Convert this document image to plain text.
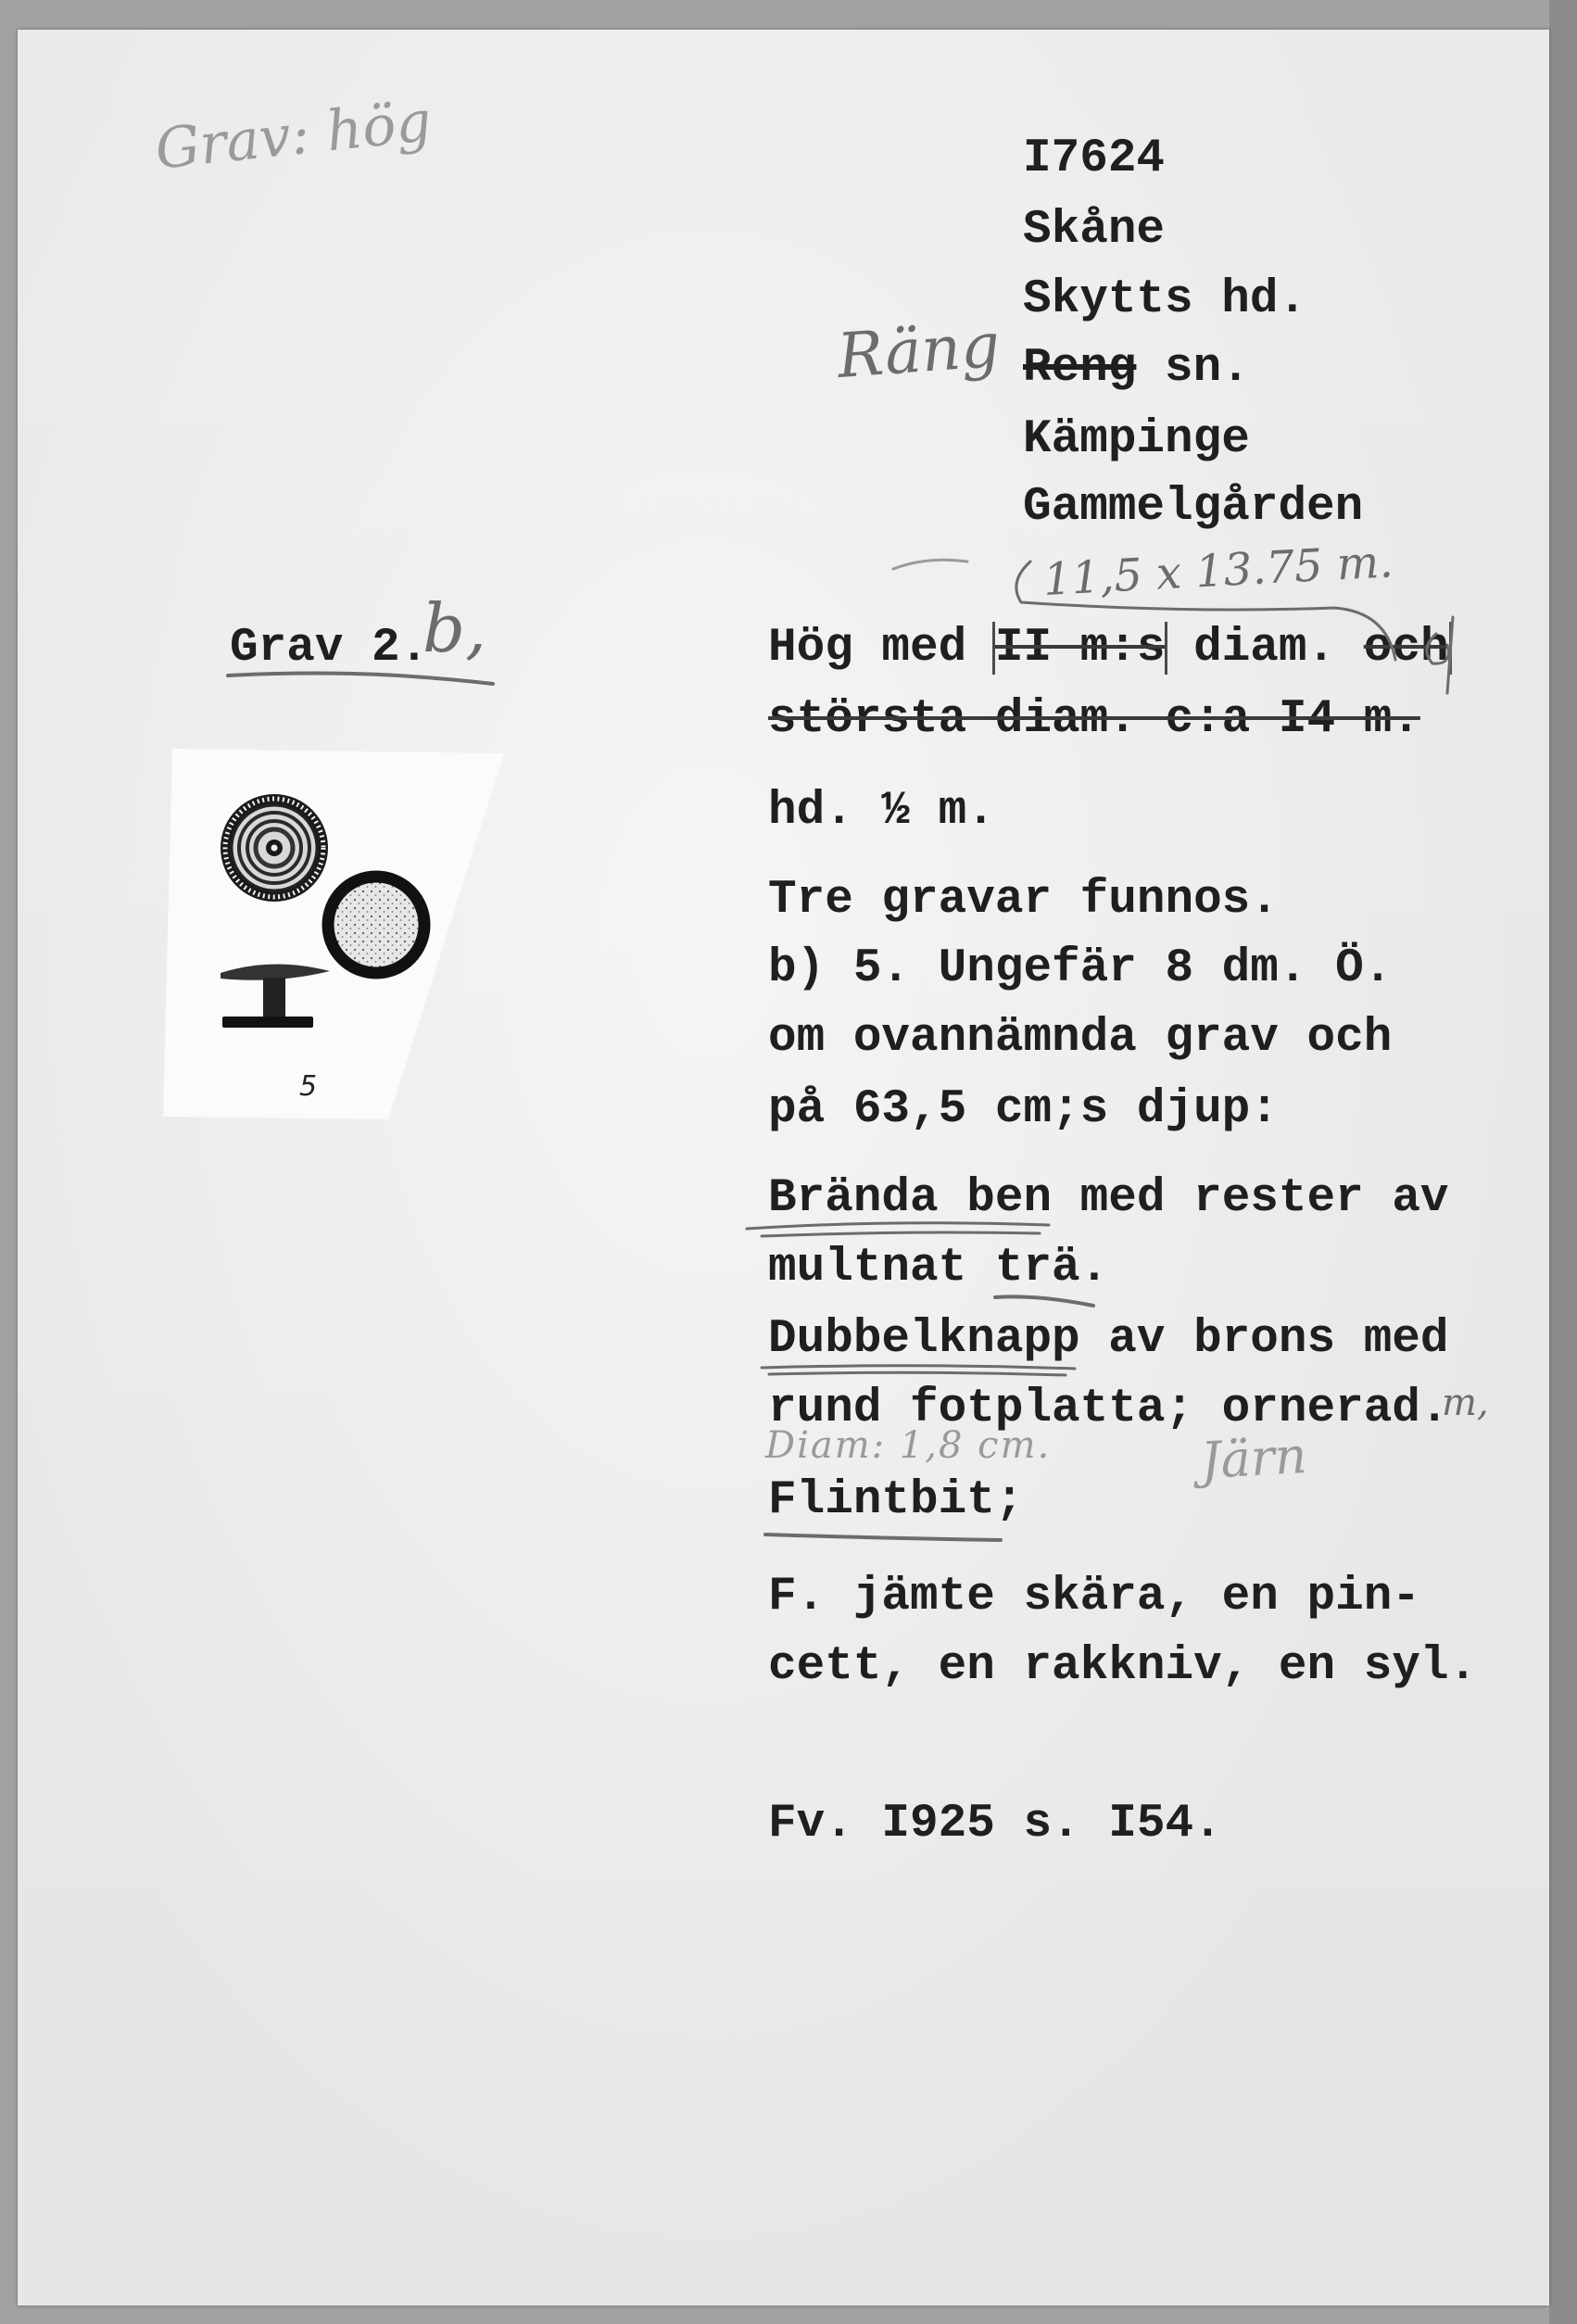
Grav: hög	I7624
Skåne
Skytts hd.
Räng Reng sn.
Kämpinge
Gammelgården
11,5 x 13.75 m.
Grav 2.
b,
5
Hög med II m:s diam. och
största diam. c:a I4 m.
hd. ½ m.
Tre gravar funnos.
b) 5. Ungefär 8 dm. Ö.
om ovannämnda grav och
på 63,5 cm;s djup:
Brända ben med rester av
multnat trä.
Dubbelknapp av brons med
rund fotplatta; ornerad.
m,
Diam: 1,8 cm.	Järn
Flintbit;
F. jämte skära, en pin-
cett, en rakkniv, en syl.
Fv. I925 s. I54.
